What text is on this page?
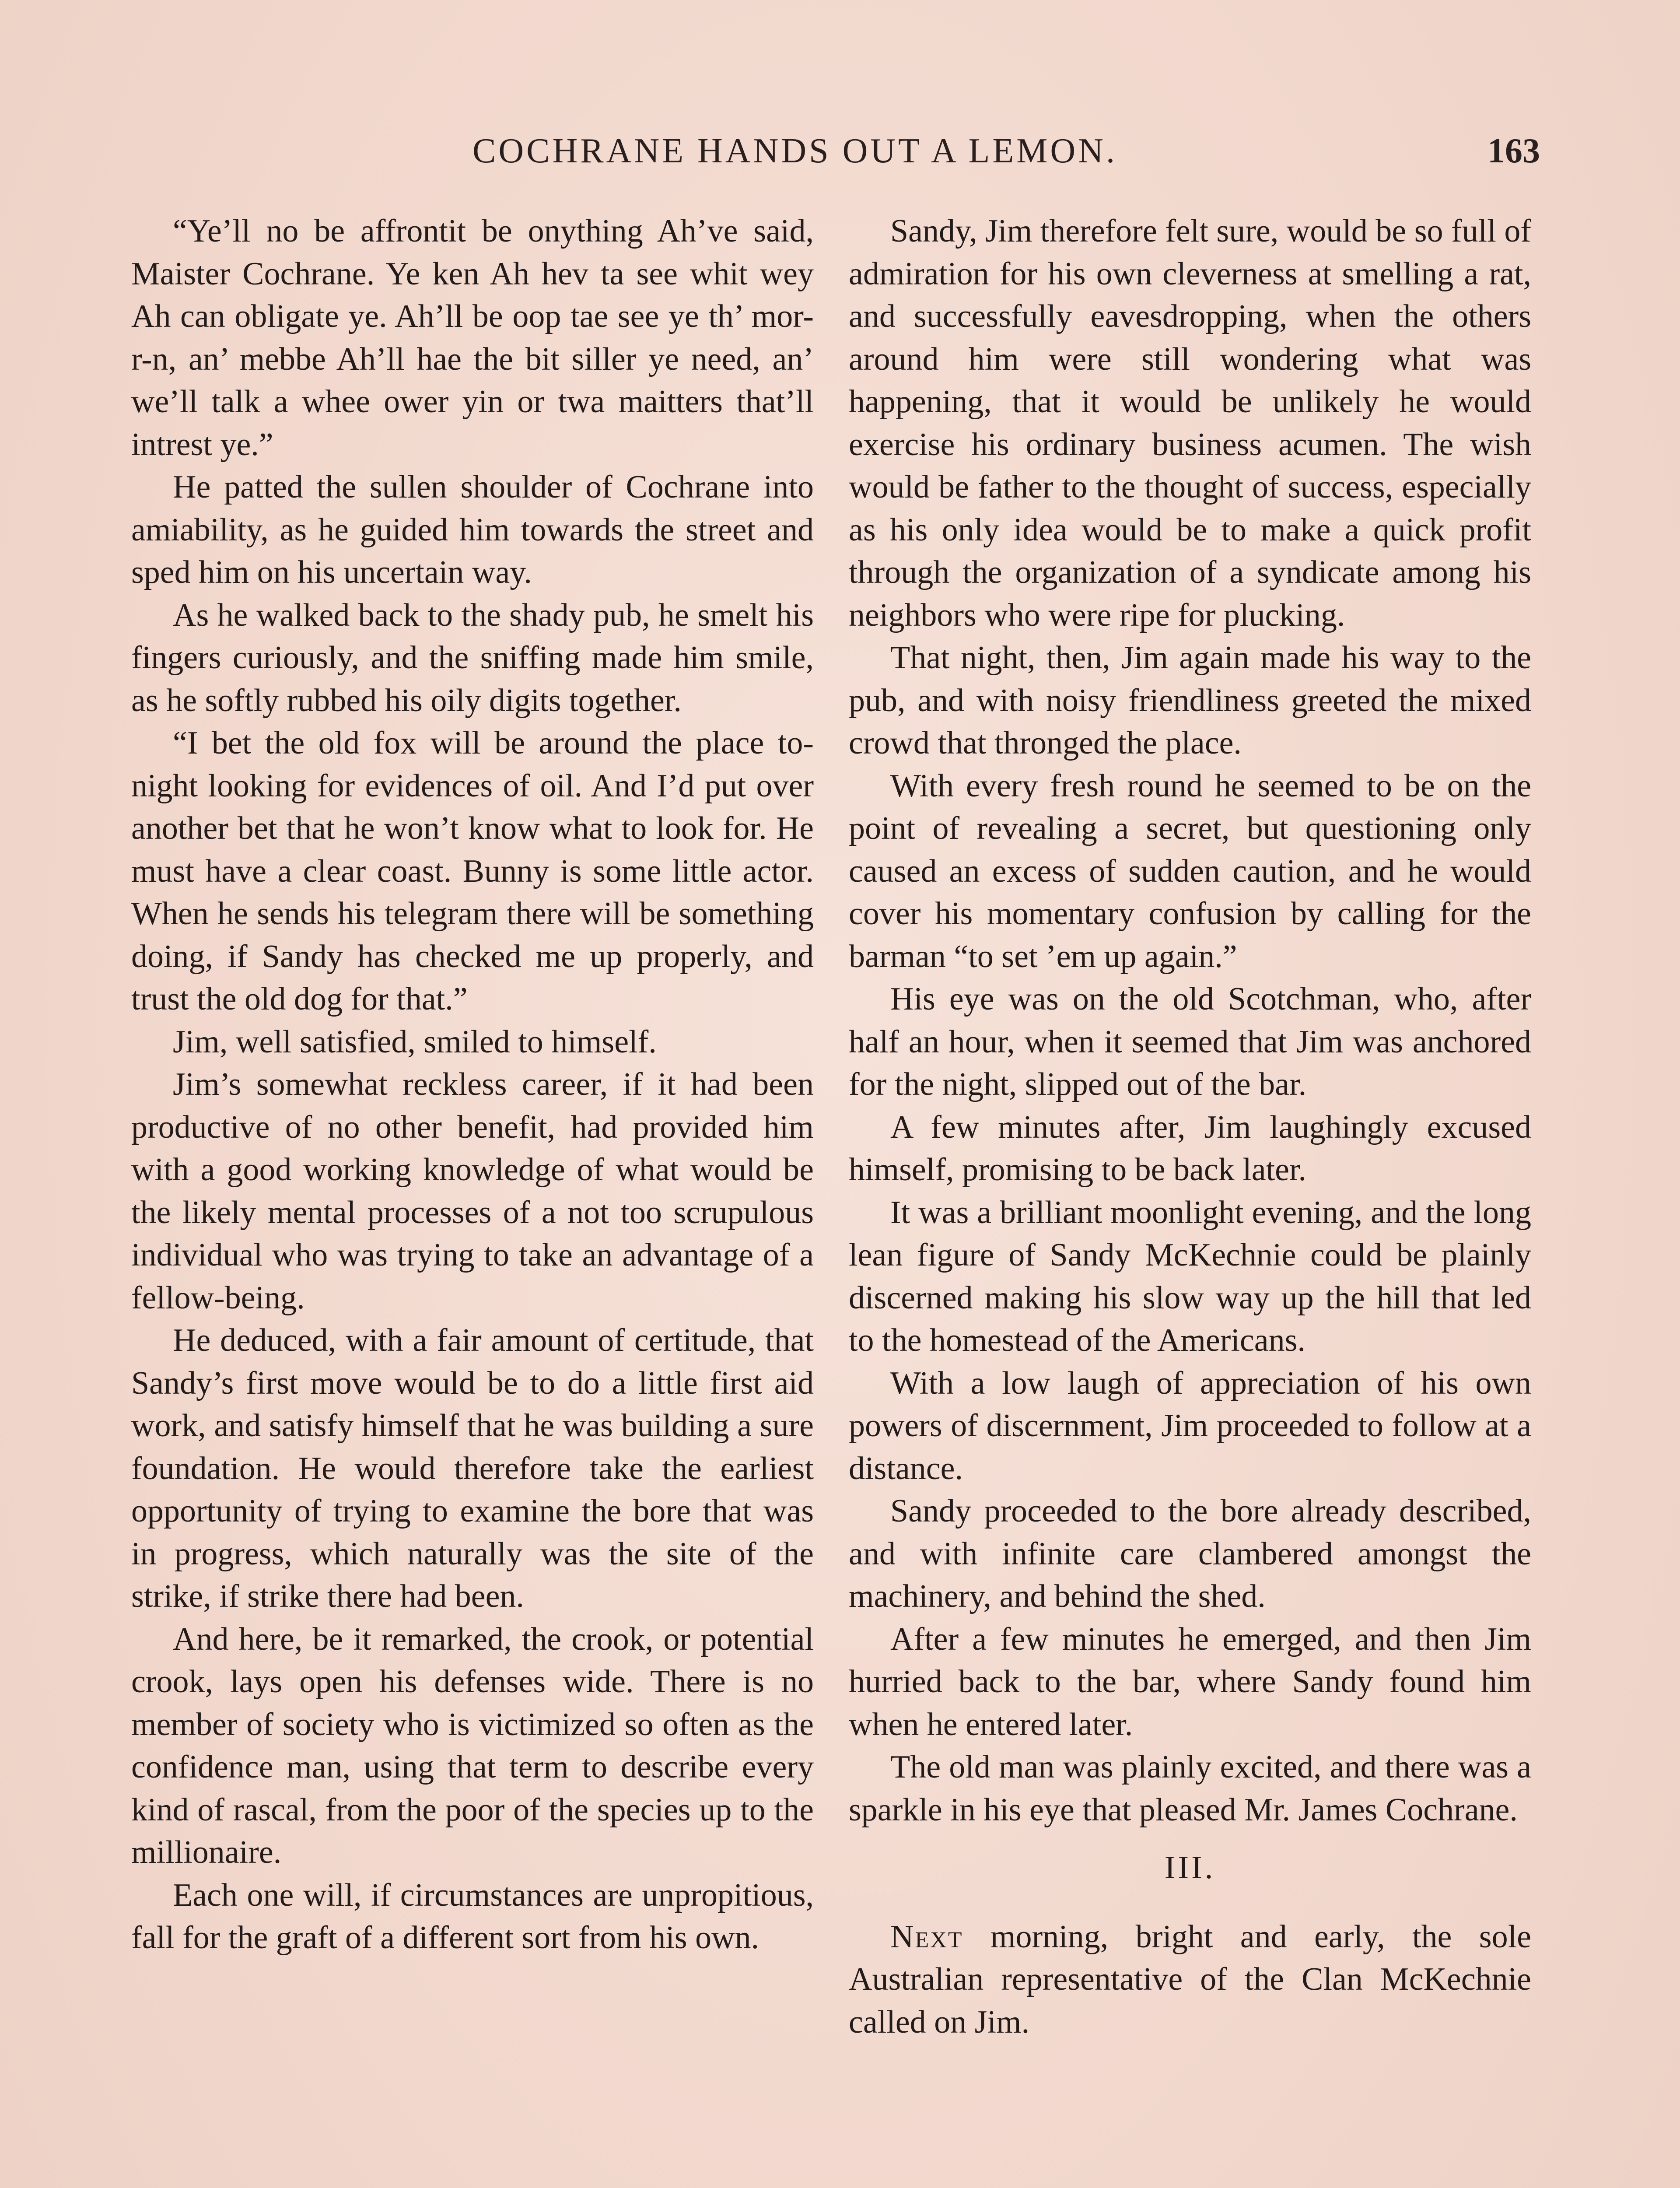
COCHRANE HANDS OUT A LEMON.	163

“Ye’ll no be affrontit be onything Ah’ve said, Maister Cochrane. Ye ken Ah hev ta see whit wey Ah can obligate ye. Ah’ll be oop tae see ye th’ mor-r-n, an’ mebbe Ah’ll hae the bit siller ye need, an’ we’ll talk a whee ower yin or twa maitters that’ll intrest ye.”

He patted the sullen shoulder of Cochrane into amiability, as he guided him towards the street and sped him on his uncertain way.

As he walked back to the shady pub, he smelt his fingers curiously, and the sniffing made him smile, as he softly rubbed his oily digits together.

“I bet the old fox will be around the place to-night looking for evidences of oil. And I’d put over another bet that he won’t know what to look for. He must have a clear coast. Bunny is some little actor. When he sends his telegram there will be something doing, if Sandy has checked me up properly, and trust the old dog for that.”

Jim, well satisfied, smiled to himself.

Jim’s somewhat reckless career, if it had been productive of no other benefit, had provided him with a good working knowledge of what would be the likely mental processes of a not too scrupulous individual who was trying to take an advantage of a fellow-being.

He deduced, with a fair amount of certitude, that Sandy’s first move would be to do a little first aid work, and satisfy himself that he was building a sure foundation. He would therefore take the earliest opportunity of trying to examine the bore that was in progress, which naturally was the site of the strike, if strike there had been.

And here, be it remarked, the crook, or potential crook, lays open his defenses wide. There is no member of society who is victimized so often as the confidence man, using that term to describe every kind of rascal, from the poor of the species up to the millionaire.

Each one will, if circumstances are unpropitious, fall for the graft of a different sort from his own.

Sandy, Jim therefore felt sure, would be so full of admiration for his own cleverness at smelling a rat, and successfully eavesdropping, when the others around him were still wondering what was happening, that it would be unlikely he would exercise his ordinary business acumen. The wish would be father to the thought of success, especially as his only idea would be to make a quick profit through the organization of a syndicate among his neighbors who were ripe for plucking.

That night, then, Jim again made his way to the pub, and with noisy friendliness greeted the mixed crowd that thronged the place.

With every fresh round he seemed to be on the point of revealing a secret, but questioning only caused an excess of sudden caution, and he would cover his momentary confusion by calling for the barman “to set ’em up again.”

His eye was on the old Scotchman, who, after half an hour, when it seemed that Jim was anchored for the night, slipped out of the bar.

A few minutes after, Jim laughingly excused himself, promising to be back later.

It was a brilliant moonlight evening, and the long lean figure of Sandy McKechnie could be plainly discerned making his slow way up the hill that led to the homestead of the Americans.

With a low laugh of appreciation of his own powers of discernment, Jim proceeded to follow at a distance.

Sandy proceeded to the bore already described, and with infinite care clambered amongst the machinery, and behind the shed.

After a few minutes he emerged, and then Jim hurried back to the bar, where Sandy found him when he entered later.

The old man was plainly excited, and there was a sparkle in his eye that pleased Mr. James Cochrane.

III.

Next morning, bright and early, the sole Australian representative of the Clan McKechnie called on Jim.
